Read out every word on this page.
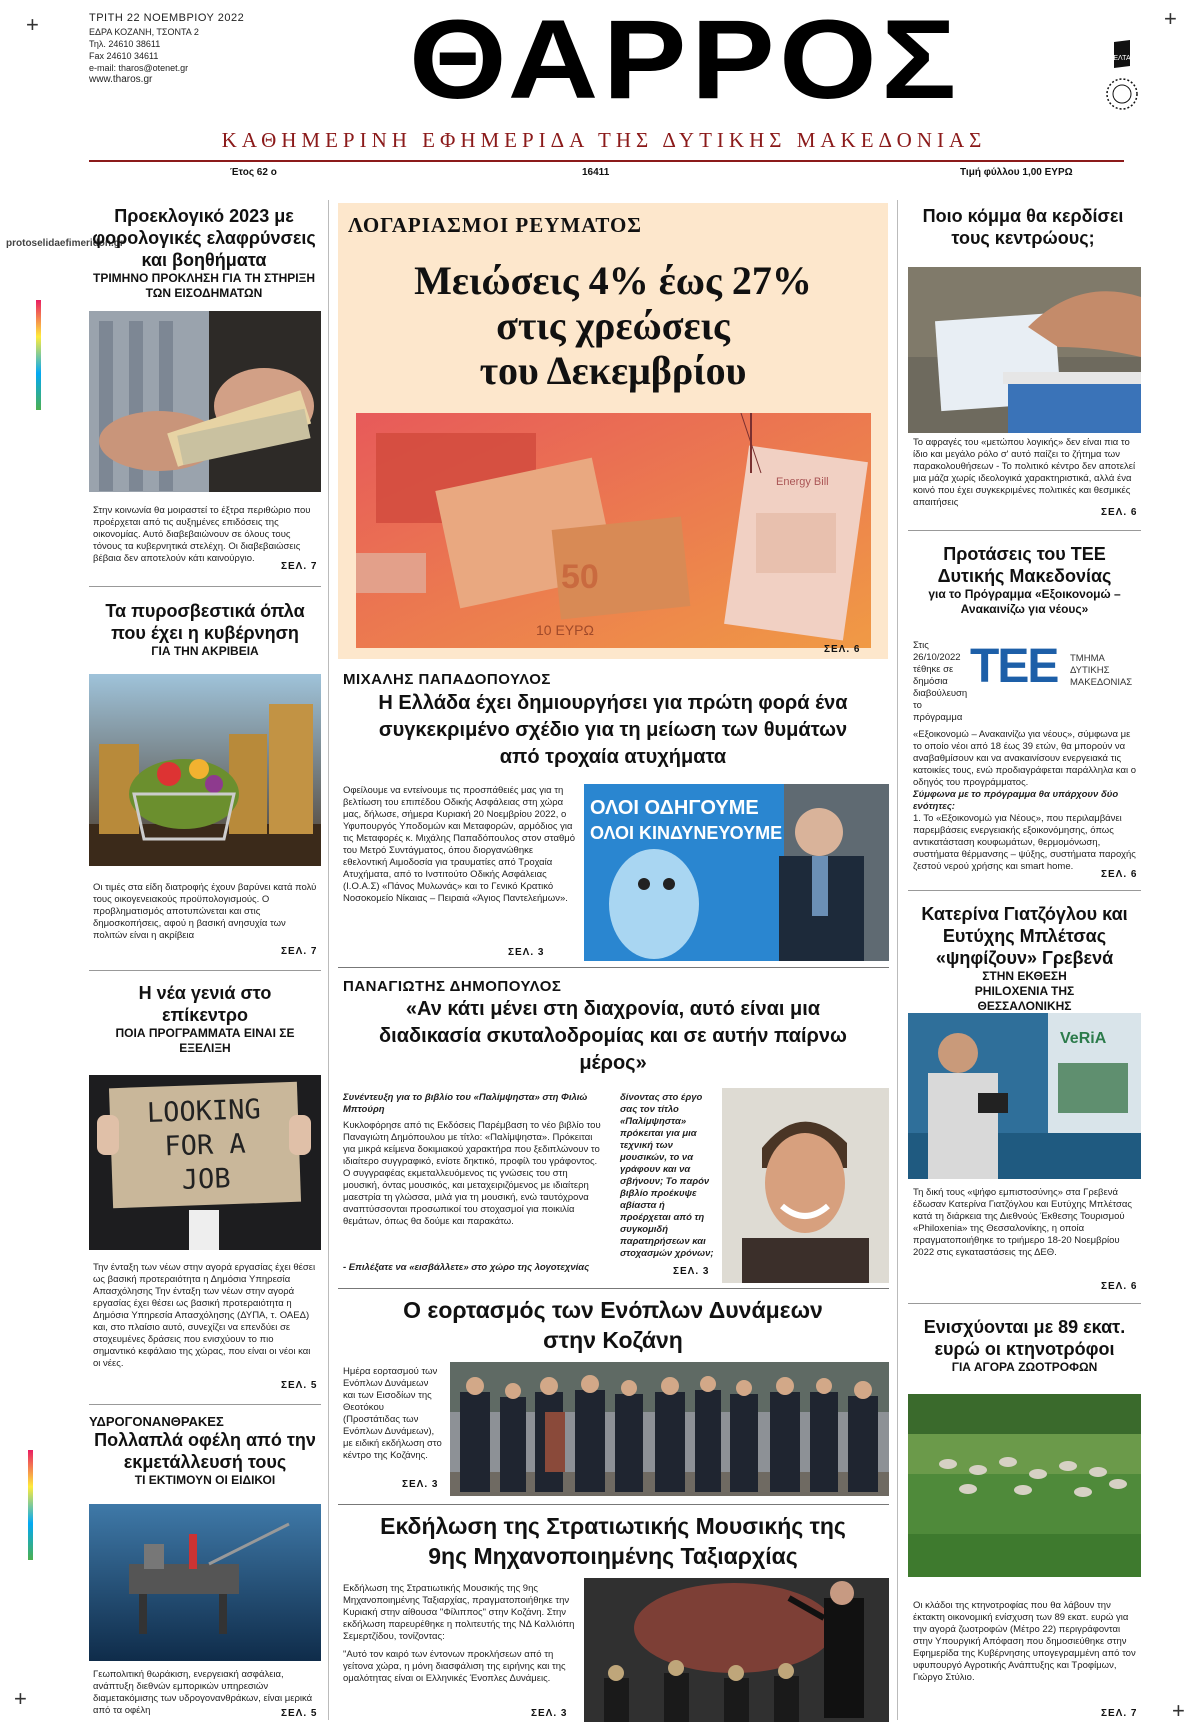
+	+
+	+
protoselidaefimeridon.gr
ΤΡΙΤΗ 22 ΝΟΕΜΒΡΙΟΥ 2022
ΕΔΡΑ ΚΟΖΑΝΗ, ΤΣΟΝΤΑ 2
Τηλ. 24610 38611
Fax 24610 34611
e-mail: tharos@otenet.gr
www.tharos.gr	ΘΑΡΡΟΣ	ΕΛΤΑ
ΚΑΘΗΜΕΡΙΝΗ ΕΦΗΜΕΡΙΔΑ ΤΗΣ ΔΥΤΙΚΗΣ ΜΑΚΕΔΟΝΙΑΣ
Έτος 62 ο	16411	Τιμή φύλλου 1,00 ΕΥΡΩ
Προεκλογικό 2023 με φορολογικές ελαφρύνσεις και βοηθήματα
ΤΡΙΜΗΝΟ ΠΡΟΚΛΗΣΗ ΓΙΑ ΤΗ ΣΤΗΡΙΞΗ ΤΩΝ ΕΙΣΟΔΗΜΑΤΩΝ
Στην κοινωνία θα μοιραστεί το έξτρα περιθώριο που προέρχεται από τις αυξημένες επιδόσεις της οικονομίας. Αυτό διαβεβαιώνουν σε όλους τους τόνους τα κυβερνητικά στελέχη. Οι διαβεβαιώσεις βέβαια δεν αποτελούν κάτι καινούργιο.
ΣΕΛ. 7
Τα πυροσβεστικά όπλα που έχει η κυβέρνηση
ΓΙΑ ΤΗΝ ΑΚΡΙΒΕΙΑ
Οι τιμές στα είδη διατροφής έχουν βαρύνει κατά πολύ τους οικογενειακούς προϋπολογισμούς. Ο προβληματισμός αποτυπώνεται και στις δημοσκοπήσεις, αφού η βασική ανησυχία των πολιτών είναι η ακρίβεια
ΣΕΛ. 7
Η νέα γενιά στο επίκεντρο
ΠΟΙΑ ΠΡΟΓΡΑΜΜΑΤΑ ΕΙΝΑΙ ΣΕ ΕΞΕΛΙΞΗ
LOOKING
FOR A
JOB
Την ένταξη των νέων στην αγορά εργασίας έχει θέσει ως βασική προτεραιότητα η Δημόσια Υπηρεσία Απασχόλησης Την ένταξη των νέων στην αγορά εργασίας έχει θέσει ως βασική προτεραιότητα η Δημόσια Υπηρεσία Απασχόλησης (ΔΥΠΑ, τ. ΟΑΕΔ) και, στο πλαίσιο αυτό, συνεχίζει να επενδύει σε στοχευμένες δράσεις που ενισχύουν το πιο σημαντικό κεφάλαιο της χώρας, που είναι οι νέοι και οι νέες.
ΣΕΛ. 5
ΥΔΡΟΓΟΝΑΝΘΡΑΚΕΣ
Πολλαπλά οφέλη από την εκμετάλλευσή τους
ΤΙ ΕΚΤΙΜΟΥΝ ΟΙ ΕΙΔΙΚΟΙ
Γεωπολιτική θωράκιση, ενεργειακή ασφάλεια, ανάπτυξη διεθνών εμπορικών υπηρεσιών διαμετακόμισης των υδρογονανθράκων, είναι μερικά από τα οφέλη	ΣΕΛ. 5
ΛΟΓΑΡΙΑΣΜΟΙ ΡΕΥΜΑΤΟΣ
Μειώσεις 4% έως 27%
στις χρεώσεις
του Δεκεμβρίου
Energy Bill
50
10 ΕΥΡΩ
ΣΕΛ. 6
ΜΙΧΑΛΗΣ ΠΑΠΑΔΟΠΟΥΛΟΣ
Η Ελλάδα έχει δημιουργήσει για πρώτη φορά ένα συγκεκριμένο σχέδιο για τη μείωση των θυμάτων από τροχαία ατυχήματα
Οφείλουμε να εντείνουμε τις προσπάθειές μας για τη βελτίωση του επιπέδου Οδικής Ασφάλειας στη χώρα μας, δήλωσε, σήμερα Κυριακή 20 Νοεμβρίου 2022, ο Υφυπουργός Υποδομών και Μεταφορών, αρμόδιος για τις Μεταφορές κ. Μιχάλης Παπαδόπουλος στον σταθμό του Μετρό Συντάγματος, όπου διοργανώθηκε εθελοντική Αιμοδοσία για τραυματίες από Τροχαία Ατυχήματα, από το Ινστιτούτο Οδικής Ασφάλειας (Ι.Ο.Α.Σ) «Πάνος Μυλωνάς» και το Γενικό Κρατικό Νοσοκομείο Νίκαιας – Πειραιά «Άγιος Παντελεήμων».
ΟΛΟΙ ΟΔΗΓΟΥΜΕ
ΟΛΟΙ ΚΙΝΔΥΝΕΥΟΥΜΕ
ΣΕΛ. 3
ΠΑΝΑΓΙΩΤΗΣ ΔΗΜΟΠΟΥΛΟΣ
«Αν κάτι μένει στη διαχρονία, αυτό είναι μια διαδικασία σκυταλοδρομίας και σε αυτήν παίρνω μέρος»
Συνέντευξη για το βιβλίο του «Παλίμψηστα» στη Φιλιώ Μπτούρη
Κυκλοφόρησε από τις Εκδόσεις Παρέμβαση το νέο βιβλίο του Παναγιώτη Δημόπουλου με τίτλο: «Παλίμψηστα». Πρόκειται για μικρά κείμενα δοκιμιακού χαρακτήρα που ξεδιπλώνουν το ιδιαίτερο συγγραφικό, ενίοτε δηκτικό, προφίλ του γράφοντος. Ο συγγραφέας εκμεταλλευόμενος τις γνώσεις του στη μουσική, όντας μουσικός, και μεταχειριζόμενος με ιδιαίτερη μαεστρία τη γλώσσα, μιλά για τη μουσική, ενώ ταυτόχρονα αναπτύσσονται προσωπικοί του στοχασμοί για ποικιλία θεμάτων, όπως θα δούμε και παρακάτω.
- Επιλέξατε να «εισβάλλετε» στο χώρο της λογοτεχνίας
δίνοντας στο έργο σας τον τίτλο «Παλίμψηστα» πρόκειται για μια τεχνική των μουσικών, το να γράφουν και να σβήνουν; Το παρόν βιβλίο προέκυψε αβίαστα ή προέρχεται από τη συγκομιδή παρατηρήσεων και στοχασμών χρόνων;
ΣΕΛ. 3
Ο εορτασμός των Ενόπλων Δυνάμεων στην Κοζάνη
Ημέρα εορτασμού των Ενόπλων Δυνάμεων και των Εισοδίων της Θεοτόκου (Προστάτιδας των Ενόπλων Δυνάμεων), με ειδική εκδήλωση στο κέντρο της Κοζάνης.
ΣΕΛ. 3
Εκδήλωση της Στρατιωτικής Μουσικής της 9ης Μηχανοποιημένης Ταξιαρχίας
Εκδήλωση της Στρατιωτικής Μουσικής της 9ης Μηχανοποιημένης Ταξιαρχίας, πραγματοποιήθηκε την Κυριακή στην αίθουσα "Φίλιππος" στην Κοζάνη. Στην εκδήλωση παρευρέθηκε η πολιτευτής της ΝΔ Καλλιόπη Σεμερτζίδου, τονίζοντας:
"Αυτό τον καιρό των έντονων προκλήσεων από τη γείτονα χώρα, η μόνη διασφάλιση της ειρήνης και της ομαλότητας είναι οι Ελληνικές Ένοπλες Δυνάμεις.
ΣΕΛ. 3
Ποιο κόμμα θα κερδίσει τους κεντρώους;
Το αφραγές του «μετώπου λογικής» δεν είναι πια το ίδιο και μεγάλο ρόλο σ' αυτό παίζει το ζήτημα των παρακολουθήσεων - Το πολιτικό κέντρο δεν αποτελεί μια μάζα χωρίς ιδεολογικά χαρακτηριστικά, αλλά ένα κοινό που έχει συγκεκριμένες πολιτικές και θεσμικές απαιτήσεις
ΣΕΛ. 6
Προτάσεις του ΤΕΕ Δυτικής Μακεδονίας
για το Πρόγραμμα «Εξοικονομώ – Ανακαινίζω για νέους»
Στις 26/10/2022 τέθηκε σε δημόσια διαβούλευση το πρόγραμμα
ΤΕΕ ΤΜΗΜΑ ΔΥΤΙΚΗΣ ΜΑΚΕΔΟΝΙΑΣ
«Εξοικονομώ – Ανακαινίζω για νέους», σύμφωνα με το οποίο νέοι από 18 έως 39 ετών, θα μπορούν να αναβαθμίσουν και να ανακαινίσουν ενεργειακά τις κατοικίες τους, ενώ προδιαγράφεται παράλληλα και ο οδηγός του προγράμματος.
Σύμφωνα με το πρόγραμμα θα υπάρχουν δύο ενότητες:
1. Το «Εξοικονομώ για Νέους», που περιλαμβάνει παρεμβάσεις ενεργειακής εξοικονόμησης, όπως αντικατάσταση κουφωμάτων, θερμομόνωση, συστήματα θέρμανσης – ψύξης, συστήματα παροχής ζεστού νερού χρήσης και smart home.
ΣΕΛ. 6
Κατερίνα Γιατζόγλου και Ευτύχης Μπλέτσας «ψηφίζουν» Γρεβενά
ΣΤΗΝ ΕΚΘΕΣΗ PHILOXENIA ΤΗΣ ΘΕΣΣΑΛΟΝΙΚΗΣ
VeRiA
Τη δική τους «ψήφο εμπιστοσύνης» στα Γρεβενά έδωσαν Κατερίνα Γιατζόγλου και Ευτύχης Μπλέτσας κατά τη διάρκεια της Διεθνούς Έκθεσης Τουρισμού «Philoxenia» της Θεσσαλονίκης, η οποία πραγματοποιήθηκε το τριήμερο 18-20 Νοεμβρίου 2022 στις εγκαταστάσεις της ΔΕΘ.
ΣΕΛ. 6
Ενισχύονται με 89 εκατ. ευρώ οι κτηνοτρόφοι
ΓΙΑ ΑΓΟΡΑ ΖΩΟΤΡΟΦΩΝ
Οι κλάδοι της κτηνοτροφίας που θα λάβουν την έκτακτη οικονομική ενίσχυση των 89 εκατ. ευρώ για την αγορά ζωοτροφών (Μέτρο 22) περιγράφονται στην Υπουργική Απόφαση που δημοσιεύθηκε στην Εφημερίδα της Κυβέρνησης υπογεγραμμένη από τον υφυπουργό Αγροτικής Ανάπτυξης και Τροφίμων, Γιώργο Στύλιο.
ΣΕΛ. 7
